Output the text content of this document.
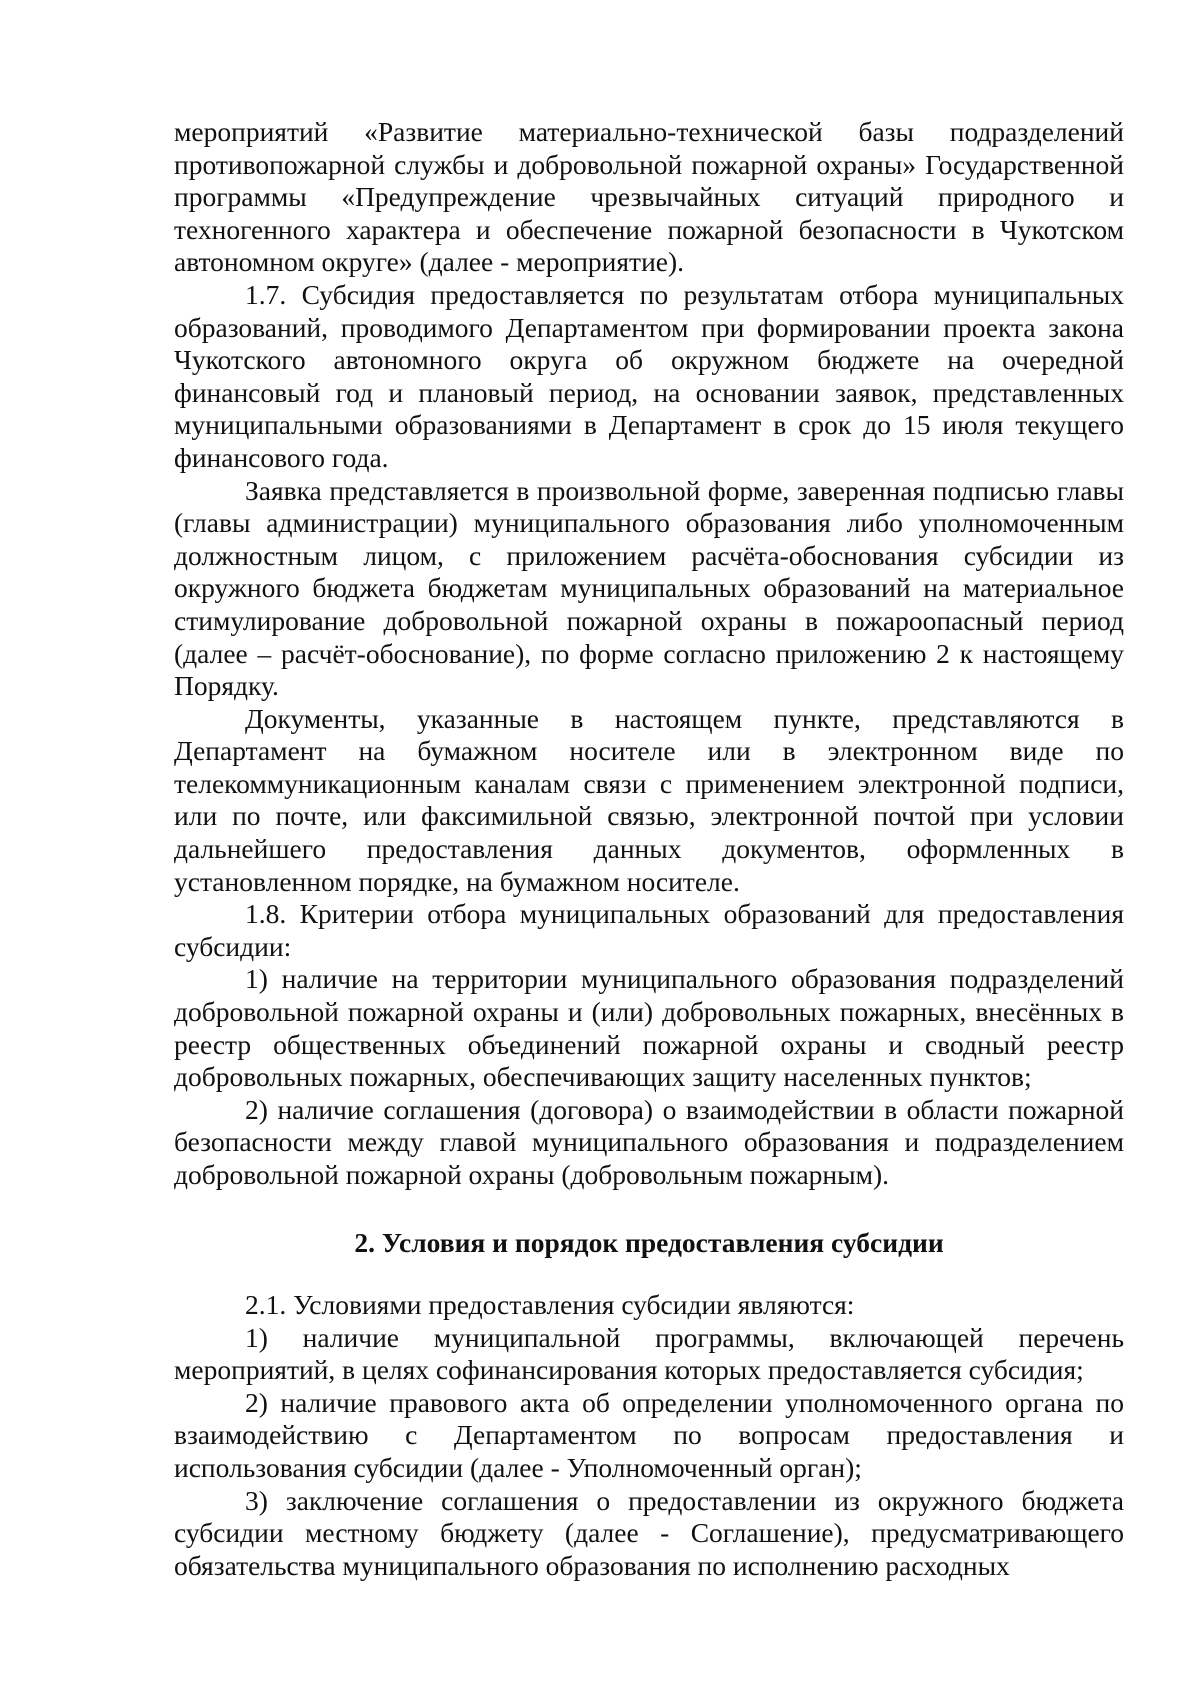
мероприятий «Развитие материально-технической базы подразделений противопожарной службы и добровольной пожарной охраны» Государственной программы «Предупреждение чрезвычайных ситуаций природного и техногенного характера и обеспечение пожарной безопасности в Чукотском автономном округе» (далее - мероприятие).

1.7. Субсидия предоставляется по результатам отбора муниципальных образований, проводимого Департаментом при формировании проекта закона Чукотского автономного округа об окружном бюджете на очередной финансовый год и плановый период, на основании заявок, представленных муниципальными образованиями в Департамент в срок до 15 июля текущего финансового года.

Заявка представляется в произвольной форме, заверенная подписью главы (главы администрации) муниципального образования либо уполномоченным должностным лицом, с приложением расчёта-обоснования субсидии из окружного бюджета бюджетам муниципальных образований на материальное стимулирование добровольной пожарной охраны в пожароопасный период (далее – расчёт-обоснование), по форме согласно приложению 2 к настоящему Порядку.

Документы, указанные в настоящем пункте, представляются в Департамент на бумажном носителе или в электронном виде по телекоммуникационным каналам связи с применением электронной подписи, или по почте, или факсимильной связью, электронной почтой при условии дальнейшего предоставления данных документов, оформленных в установленном порядке, на бумажном носителе.

1.8. Критерии отбора муниципальных образований для предоставления субсидии:

1) наличие на территории муниципального образования подразделений добровольной пожарной охраны и (или) добровольных пожарных, внесённых в реестр общественных объединений пожарной охраны и сводный реестр добровольных пожарных, обеспечивающих защиту населенных пунктов;

2) наличие соглашения (договора) о взаимодействии в области пожарной безопасности между главой муниципального образования и подразделением добровольной пожарной охраны (добровольным пожарным).

2. Условия и порядок предоставления субсидии

2.1. Условиями предоставления субсидии являются:

1) наличие муниципальной программы, включающей перечень мероприятий, в целях софинансирования которых предоставляется субсидия;

2) наличие правового акта об определении уполномоченного органа по взаимодействию с Департаментом по вопросам предоставления и использования субсидии (далее - Уполномоченный орган);

3) заключение соглашения о предоставлении из окружного бюджета субсидии местному бюджету (далее - Соглашение), предусматривающего обязательства муниципального образования по исполнению расходных
